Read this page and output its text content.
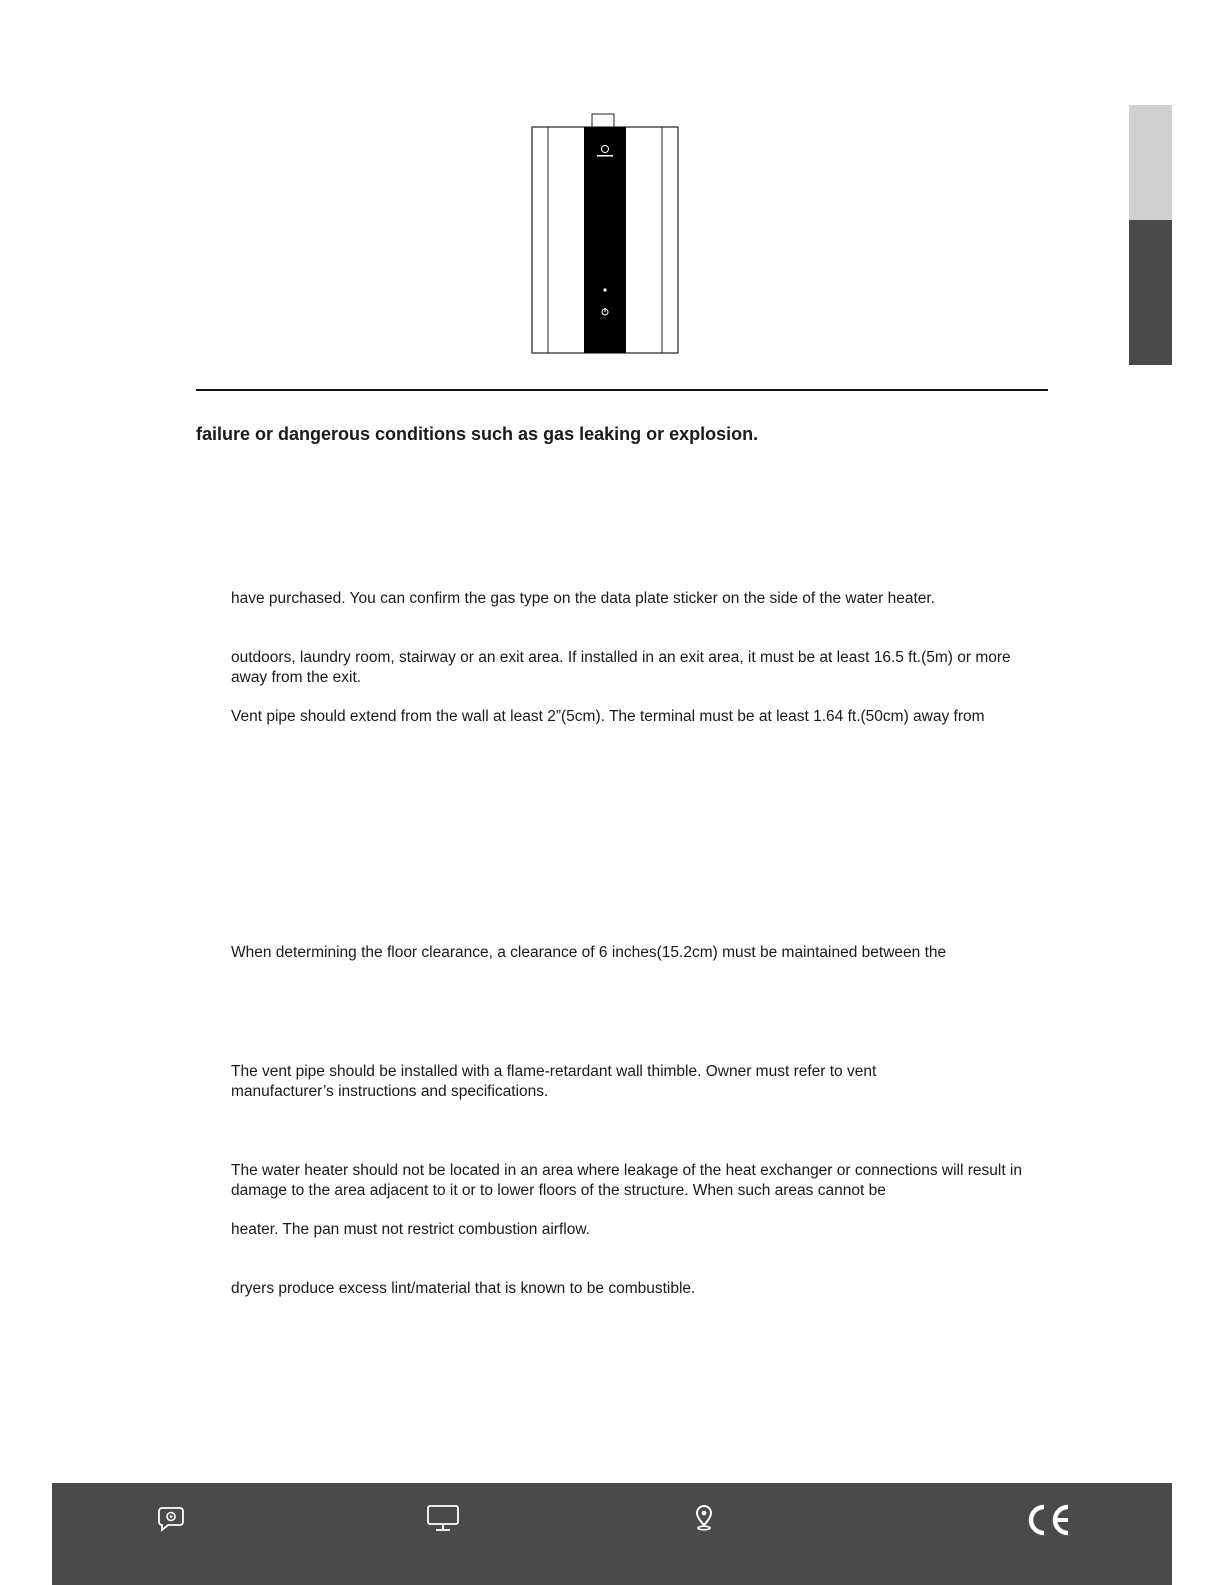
failure or dangerous conditions such as gas leaking or explosion.
have purchased. You can confirm the gas type on the data plate sticker on the side of the water heater.
outdoors, laundry room, stairway or an exit area. If installed in an exit area, it must be at least 16.5 ft.(5m) or more away from the exit.
Vent pipe should extend from the wall at least 2”(5cm). The terminal must be at least 1.64 ft.(50cm) away from
When determining the floor clearance, a clearance of 6 inches(15.2cm) must be maintained between the
The vent pipe should be installed with a flame-retardant wall thimble. Owner must refer to vent manufacturer’s instructions and specifications.
The water heater should not be located in an area where leakage of the heat exchanger or connections will result in damage to the area adjacent to it or to lower floors of the structure. When such areas cannot be
heater. The pan must not restrict combustion airflow.
dryers produce excess lint/material that is known to be combustible.
